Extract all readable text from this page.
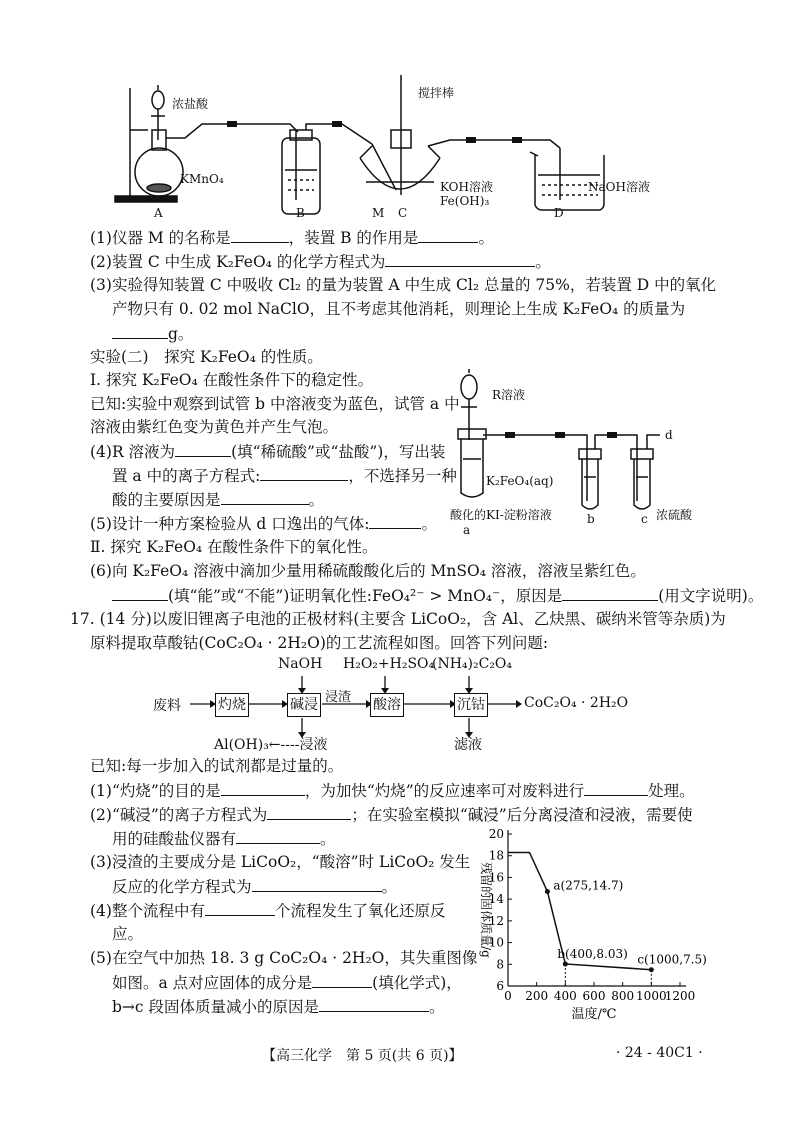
浓盐酸
搅拌棒
KMnO₄
KOH溶液
Fe(OH)₃
NaOH溶液
A	B	M C	D
(1)仪器 M 的名称是	，装置 B 的作用是	。
(2)装置 C 中生成 K₂FeO₄ 的化学方程式为	。
(3)实验得知装置 C 中吸收 Cl₂ 的量为装置 A 中生成 Cl₂ 总量的 75%，若装置 D 中的氧化
产物只有 0. 02 mol NaClO，且不考虑其他消耗，则理论上生成 K₂FeO₄ 的质量为
g。
实验(二)　探究 K₂FeO₄ 的性质。
Ⅰ. 探究 K₂FeO₄ 在酸性条件下的稳定性。
已知:实验中观察到试管 b 中溶液变为蓝色，试管 a 中
溶液由紫红色变为黄色并产生气泡。
(4)R 溶液为	(填“稀硫酸”或“盐酸”)，写出装
置 a 中的离子方程式:	，不选择另一种
酸的主要原因是	。
(5)设计一种方案检验从 d 口逸出的气体:	。
R溶液
d
K₂FeO₄(aq)
酸化的KI-淀粉溶液	浓硫酸
a
b	c
Ⅱ. 探究 K₂FeO₄ 在酸性条件下的氧化性。
(6)向 K₂FeO₄ 溶液中滴加少量用稀硫酸酸化后的 MnSO₄ 溶液，溶液呈紫红色。
(填“能”或“不能”)证明氧化性:FeO₄²⁻ > MnO₄⁻，原因是	(用文字说明)。
17. (14 分)以废旧锂离子电池的正极材料(主要含 LiCoO₂，含 Al、乙炔黑、碳纳米管等杂质)为
原料提取草酸钴(CoC₂O₄ · 2H₂O)的工艺流程如图。回答下列问题:
NaOH H₂O₂+H₂SO₄
(NH₄)₂C₂O₄
废料	灼烧	碱浸 浸渣 酸溶	沉钴	CoC₂O₄ · 2H₂O
Al(OH)₃←----浸液	滤液
已知:每一步加入的试剂都是过量的。
(1)“灼烧”的目的是	，为加快“灼烧”的反应速率可对废料进行	处理。
(2)“碱浸”的离子方程式为	；在实验室模拟“碱浸”后分离浸渣和浸液，需要使
用的硅酸盐仪器有	。
(3)浸渣的主要成分是 LiCoO₂，“酸溶”时 LiCoO₂ 发生
反应的化学方程式为	。
(4)整个流程中有	个流程发生了氧化还原反
应。
(5)在空气中加热 18. 3 g CoC₂O₄ · 2H₂O，其失重图像
如图。a 点对应固体的成分是	(填化学式)，
b→c 段固体质量减小的原因是	。
6
8
10
12
14
16
18
20
0 200 400 600 800 1000
1200
温度/℃
残留的固体质量/g	a(275,14.7)
b(400,8.03) c(1000,7.5)
【高三化学　第 5 页(共 6 页)】	· 24 - 40C1 ·
